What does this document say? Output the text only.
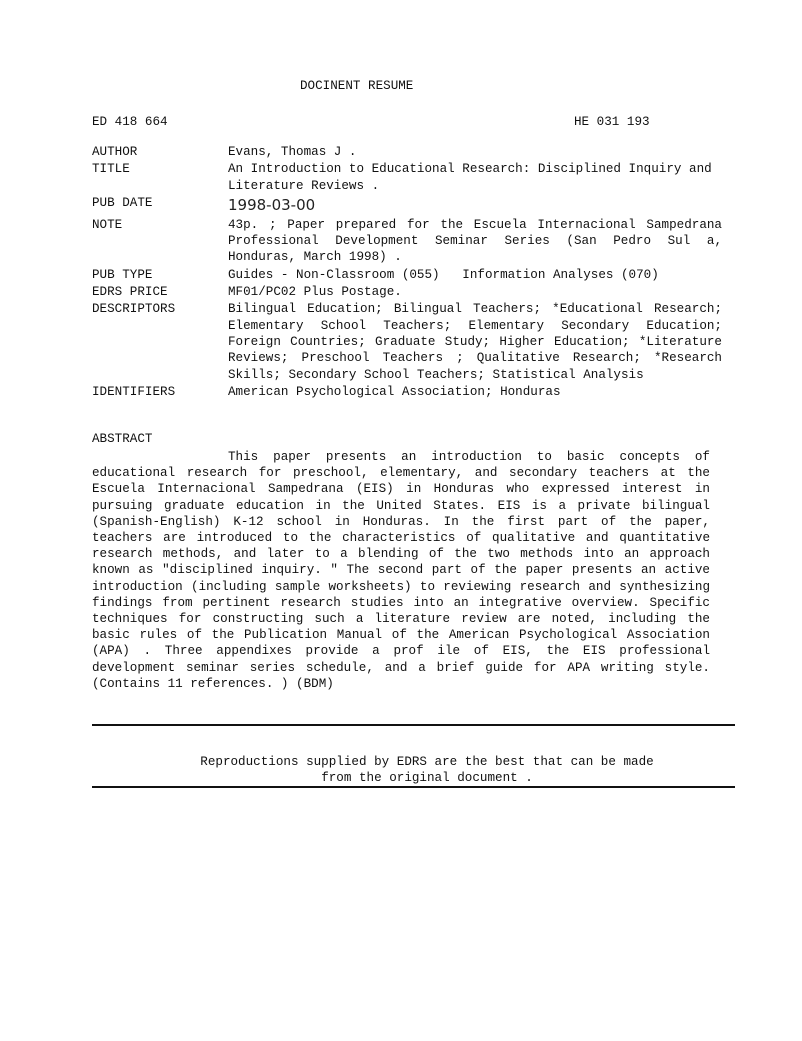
DOCINENT RESUME
ED 418 664	HE 031 193
AUTHOR	Evans, Thomas J .
TITLE	An Introduction to Educational Research: Disciplined Inquiry and Literature Reviews .
PUB DATE	1998-03-00
NOTE	43p. ; Paper prepared for the Escuela Internacional Sampedrana Professional Development Seminar Series (San Pedro Sul a, Honduras, March 1998) .
PUB TYPE	Guides - Non-Classroom (055)   Information Analyses (070)
EDRS PRICE	MF01/PC02 Plus Postage.
DESCRIPTORS	Bilingual Education; Bilingual Teachers; *Educational Research; Elementary School Teachers; Elementary Secondary Education; Foreign Countries; Graduate Study; Higher Education; *Literature Reviews; Preschool Teachers ; Qualitative Research; *Research Skills; Secondary School Teachers; Statistical Analysis
IDENTIFIERS	American Psychological Association; Honduras
ABSTRACT
This paper presents an introduction to basic concepts of educational research for preschool, elementary, and secondary teachers at the Escuela Internacional Sampedrana (EIS) in Honduras who expressed interest in pursuing graduate education in the United States. EIS is a private bilingual (Spanish-English) K-12 school in Honduras. In the first part of the paper, teachers are introduced to the characteristics of qualitative and quantitative research methods, and later to a blending of the two methods into an approach known as "disciplined inquiry. " The second part of the paper presents an active introduction (including sample worksheets) to reviewing research and synthesizing findings from pertinent research studies into an integrative overview. Specific techniques for constructing such a literature review are noted, including the basic rules of the Publication Manual of the American Psychological Association (APA) . Three appendixes provide a prof ile of EIS, the EIS professional development seminar series schedule, and a brief guide for APA writing style. (Contains 11 references. ) (BDM)
Reproductions supplied by EDRS are the best that can be made
from the original document .
